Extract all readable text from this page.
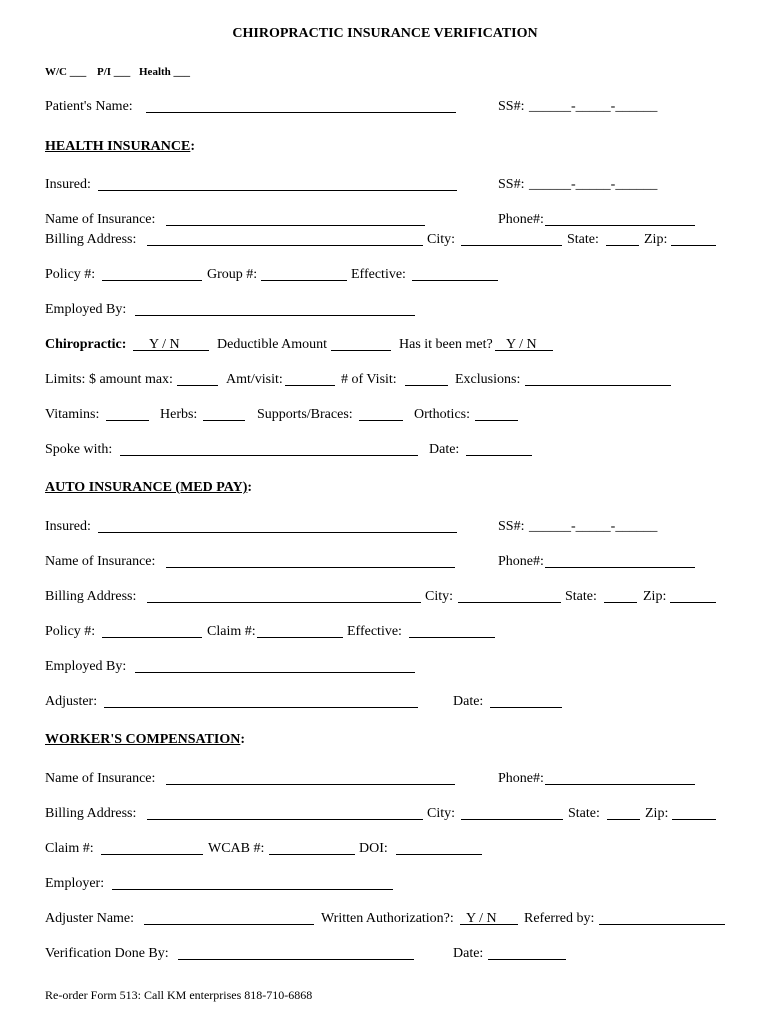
CHIROPRACTIC INSURANCE VERIFICATION
W/C ___ P/I ___ Health ___
Patient's Name:	SS#: ______-_____-______
HEALTH INSURANCE:
Insured:	SS#: ______-_____-______
Name of Insurance:	Phone#:
Billing Address:	City:	State:	Zip:
Policy #:	Group #:	Effective:
Employed By:
Chiropractic: Y / N	Deductible Amount	Has it been met? Y / N
Limits: $ amount max:	Amt/visit:	# of Visit:	Exclusions:
Vitamins:	Herbs:	Supports/Braces:	Orthotics:
Spoke with:	Date:
AUTO INSURANCE (MED PAY):
Insured:	SS#: ______-_____-______
Name of Insurance:	Phone#:
Billing Address:	City:	State:	Zip:
Policy #:	Claim #:	Effective:
Employed By:
Adjuster:	Date:
WORKER'S COMPENSATION:
Name of Insurance:	Phone#:
Billing Address:	City:	State:	Zip:
Claim #:	WCAB #:	DOI:
Employer:
Adjuster Name:	Written Authorization?: Y / N Referred by:
Verification Done By:	Date:
Re-order Form 513: Call KM enterprises 818-710-6868
